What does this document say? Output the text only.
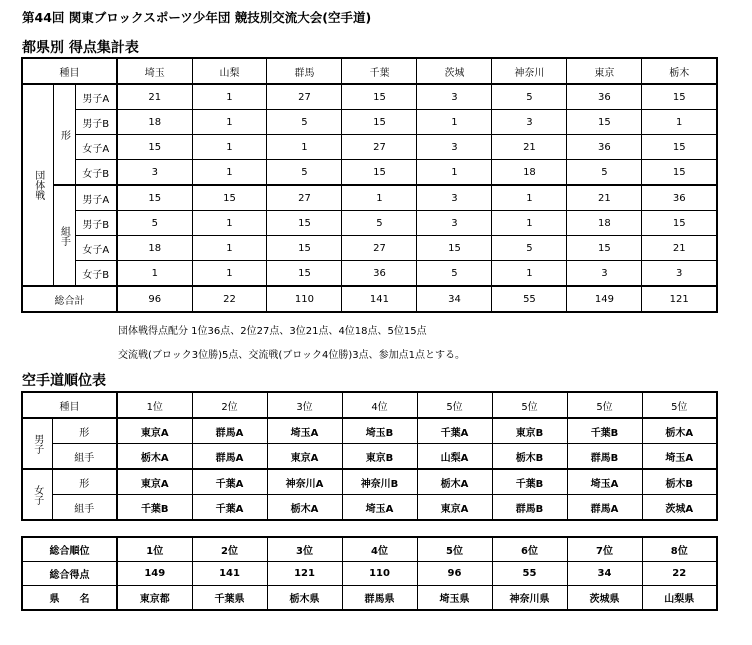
第44回 関東ブロックスポーツ少年団 競技別交流大会(空手道)
都県別 得点集計表
種目			埼玉	山梨	群馬	千葉	茨城	神奈川	東京	栃木
団体戦	形	男子A	21	1	27	15	3	5	36	15
		男子B	18	1	5	15	1	3	15	1
		女子A	15	1	1	27	3	21	36	15
		女子B	3	1	5	15	1	18	5	15
	組手	男子A	15	15	27	1	3	1	21	36
		男子B	5	1	15	5	3	1	18	15
		女子A	18	1	15	27	15	5	15	21
		女子B	1	1	15	36	5	1	3	3
総合計			96	22	110	141	34	55	149	121
団体戦得点配分 1位36点、2位27点、3位21点、4位18点、5位15点
交流戦(ブロック3位勝)5点、交流戦(ブロック4位勝)3点、参加点1点とする。
空手道順位表
種目		1位	2位	3位	4位	5位	5位	5位	5位
男子	形	東京A	群馬A	埼玉A	埼玉B	千葉A	東京B	千葉B	栃木A
	組手	栃木A	群馬A	東京A	東京B	山梨A	栃木B	群馬B	埼玉A
女子	形	東京A	千葉A	神奈川A	神奈川B	栃木A	千葉B	埼玉A	栃木B
	組手	千葉B	千葉A	栃木A	埼玉A	東京A	群馬B	群馬A	茨城A
総合順位	1位	2位	3位	4位	5位	6位	7位	8位
総合得点	149	141	121	110	96	55	34	22
県　　名	東京都	千葉県	栃木県	群馬県	埼玉県	神奈川県	茨城県	山梨県
